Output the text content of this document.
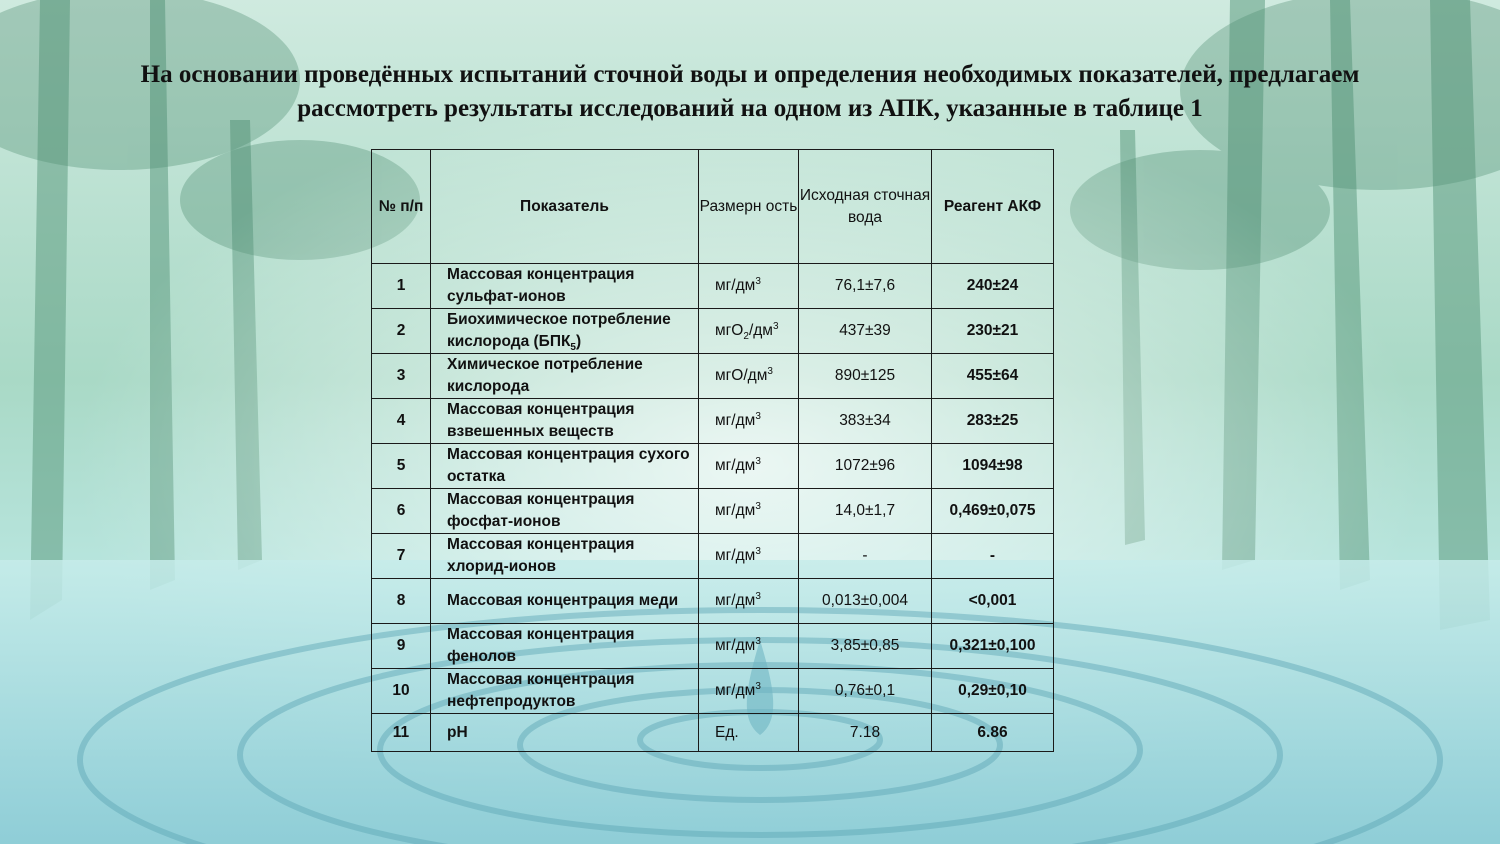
На основании проведённых испытаний сточной воды и определения необходимых показателей, предлагаем
рассмотреть результаты исследований на одном из АПК, указанные в таблице 1
№ п/п	Показатель	Размерн ость	Исходная сточная вода	Реагент АКФ
1	Массовая концентрация сульфат-ионов	$мг/дм^3$	76,1±7,6	240±24
2	Биохимическое потребление кислорода $(БПК_5)$	$мгО_2/дм^3$	437±39	230±21
3	Химическое потребление кислорода	мгО/$дм^3$	890±125	455±64
4	Массовая концентрация взвешенных веществ	$мг/дм^3$	383±34	283±25
5	Массовая концентрация сухого остатка	$мг/дм^3$	1072±96	1094±98
6	Массовая концентрация фосфат-ионов	$мг/дм^3$	14,0±1,7	0,469±0,075
7	Массовая концентрация хлорид-ионов	$мг/дм^3$	-	-
8	Массовая концентрация меди	$мг/дм^3$	0,013±0,004	<0,001
9	Массовая концентрация фенолов	$мг/дм^3$	3,85±0,85	0,321±0,100
10	Массовая концентрация нефтепродуктов	$мг/дм^3$	0,76±0,1	0,29±0,10
11	pH	Ед.	7.18	6.86
